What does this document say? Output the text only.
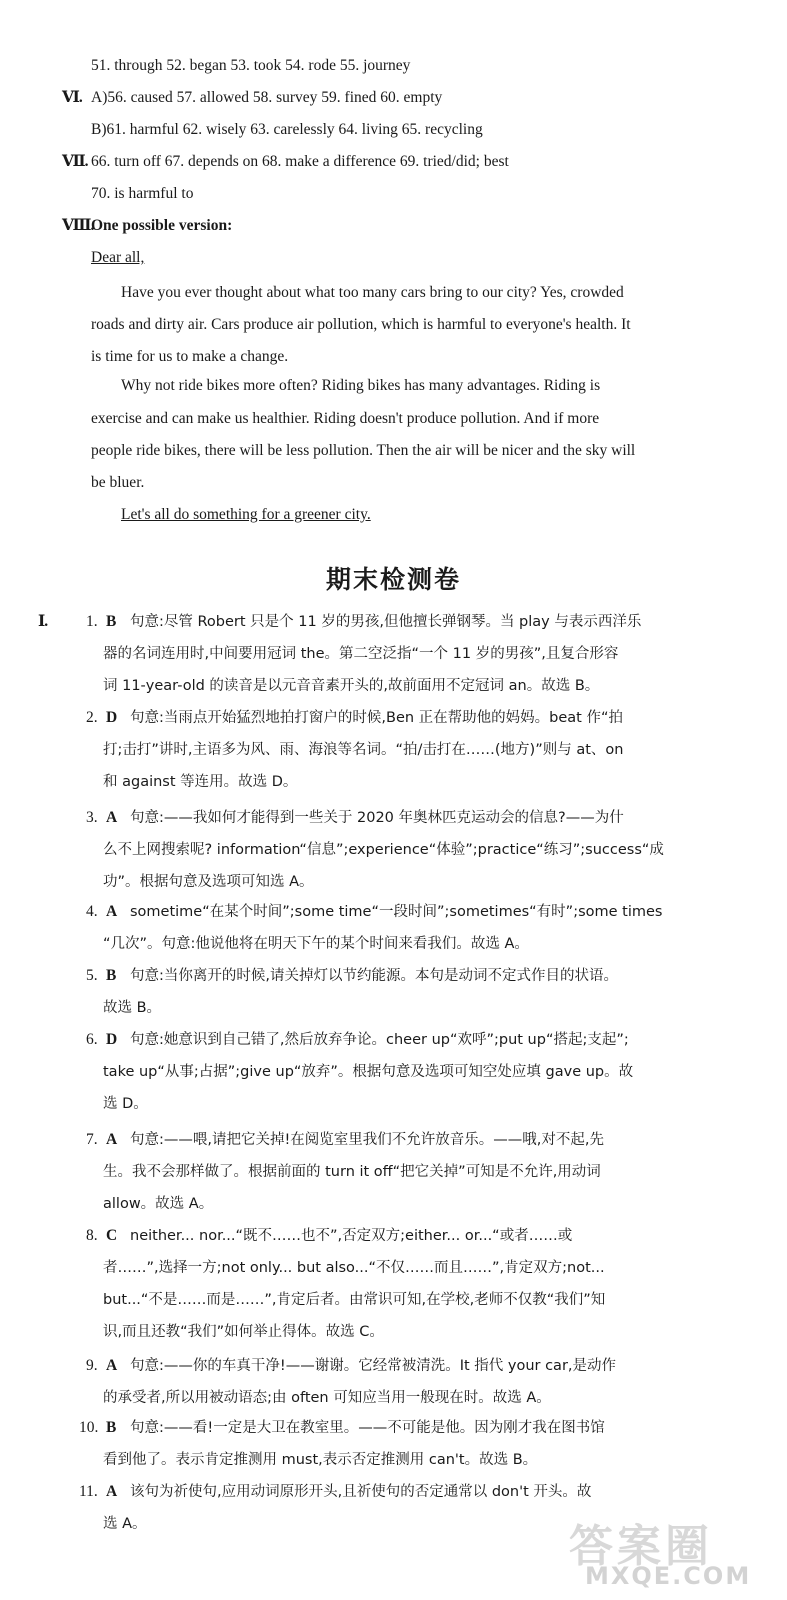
51. through 52. began 53. took 54. rode 55. journey
Ⅵ. A)56. caused 57. allowed 58. survey 59. fined 60. empty
B)61. harmful 62. wisely 63. carelessly 64. living 65. recycling
Ⅶ. 66. turn off 67. depends on 68. make a difference 69. tried/did; best
70. is harmful to
Ⅷ.
One possible version:
Dear all,
Have you ever thought about what too many cars bring to our city? Yes, crowded
roads and dirty air. Cars produce air pollution, which is harmful to everyone's health. It
is time for us to make a change.
Why not ride bikes more often? Riding bikes has many advantages. Riding is
exercise and can make us healthier. Riding doesn't produce pollution. And if more
people ride bikes, there will be less pollution. Then the air will be nicer and the sky will
be bluer.
Let's all do something for a greener city.
期末检测卷
Ⅰ.	1. B 句意:尽管 Robert 只是个 11 岁的男孩,但他擅长弹钢琴。当 play 与表示西洋乐
器的名词连用时,中间要用冠词 the。第二空泛指“一个 11 岁的男孩”,且复合形容
词 11-year-old 的读音是以元音音素开头的,故前面用不定冠词 an。故选 B。
2. D 句意:当雨点开始猛烈地拍打窗户的时候,Ben 正在帮助他的妈妈。beat 作“拍
打;击打”讲时,主语多为风、雨、海浪等名词。“拍/击打在……(地方)”则与 at、on
和 against 等连用。故选 D。
3. A 句意:——我如何才能得到一些关于 2020 年奥林匹克运动会的信息?——为什
么不上网搜索呢? information“信息”;experience“体验”;practice“练习”;success“成
功”。根据句意及选项可知选 A。
4. A sometime“在某个时间”;some time“一段时间”;sometimes“有时”;some times
“几次”。句意:他说他将在明天下午的某个时间来看我们。故选 A。
5. B 句意:当你离开的时候,请关掉灯以节约能源。本句是动词不定式作目的状语。
故选 B。
6. D 句意:她意识到自己错了,然后放弃争论。cheer up“欢呼”;put up“搭起;支起”;
take up“从事;占据”;give up“放弃”。根据句意及选项可知空处应填 gave up。故
选 D。
7. A 句意:——喂,请把它关掉!在阅览室里我们不允许放音乐。——哦,对不起,先
生。我不会那样做了。根据前面的 turn it off“把它关掉”可知是不允许,用动词
allow。故选 A。
8. C neither... nor...“既不……也不”,否定双方;either... or...“或者……或
者……”,选择一方;not only... but also...“不仅……而且……”,肯定双方;not...
but...“不是……而是……”,肯定后者。由常识可知,在学校,老师不仅教“我们”知
识,而且还教“我们”如何举止得体。故选 C。
9. A 句意:——你的车真干净!——谢谢。它经常被清洗。It 指代 your car,是动作
的承受者,所以用被动语态;由 often 可知应当用一般现在时。故选 A。
10. B 句意:——看!一定是大卫在教室里。——不可能是他。因为刚才我在图书馆
看到他了。表示肯定推测用 must,表示否定推测用 can't。故选 B。
11. A 该句为祈使句,应用动词原形开头,且祈使句的否定通常以 don't 开头。故
选 A。	答案圈
MXQE.COM
